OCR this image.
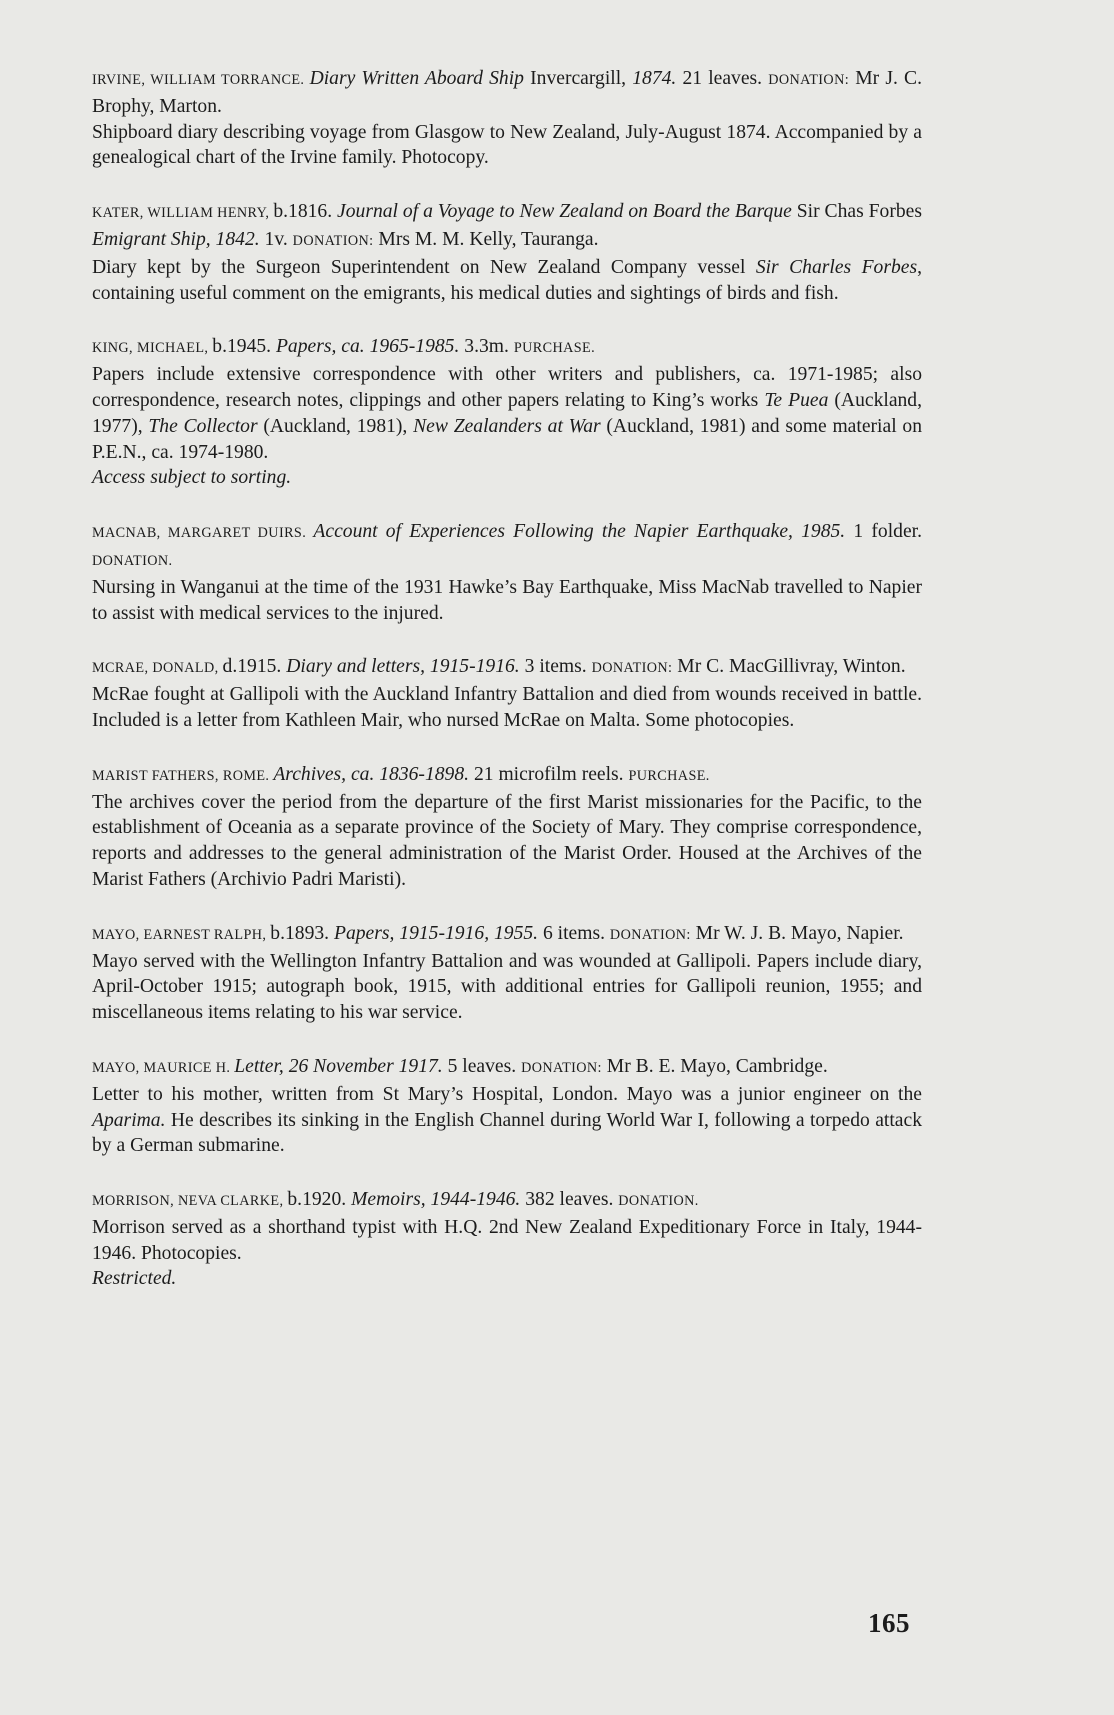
IRVINE, WILLIAM TORRANCE. Diary Written Aboard Ship Invercargill, 1874. 21 leaves. DONATION: Mr J. C. Brophy, Marton.

Shipboard diary describing voyage from Glasgow to New Zealand, July-August 1874. Accompanied by a genealogical chart of the Irvine family. Photocopy.

KATER, WILLIAM HENRY, b.1816. Journal of a Voyage to New Zealand on Board the Barque Sir Chas Forbes Emigrant Ship, 1842. 1v. DONATION: Mrs M. M. Kelly, Tauranga.

Diary kept by the Surgeon Superintendent on New Zealand Company vessel Sir Charles Forbes, containing useful comment on the emigrants, his medical duties and sightings of birds and fish.

KING, MICHAEL, b.1945. Papers, ca. 1965-1985. 3.3m. PURCHASE.

Papers include extensive correspondence with other writers and publishers, ca. 1971-1985; also correspondence, research notes, clippings and other papers relating to King’s works Te Puea (Auckland, 1977), The Collector (Auckland, 1981), New Zealanders at War (Auckland, 1981) and some material on P.E.N., ca. 1974-1980.

Access subject to sorting.

MACNAB, MARGARET DUIRS. Account of Experiences Following the Napier Earthquake, 1985. 1 folder. DONATION.

Nursing in Wanganui at the time of the 1931 Hawke’s Bay Earthquake, Miss MacNab travelled to Napier to assist with medical services to the injured.

MCRAE, DONALD, d.1915. Diary and letters, 1915-1916. 3 items. DONATION: Mr C. MacGillivray, Winton.

McRae fought at Gallipoli with the Auckland Infantry Battalion and died from wounds received in battle. Included is a letter from Kathleen Mair, who nursed McRae on Malta. Some photocopies.

MARIST FATHERS, ROME. Archives, ca. 1836-1898. 21 microfilm reels. PURCHASE.

The archives cover the period from the departure of the first Marist missionaries for the Pacific, to the establishment of Oceania as a separate province of the Society of Mary. They comprise correspondence, reports and addresses to the general administration of the Marist Order. Housed at the Archives of the Marist Fathers (Archivio Padri Maristi).

MAYO, EARNEST RALPH, b.1893. Papers, 1915-1916, 1955. 6 items. DONATION: Mr W. J. B. Mayo, Napier.

Mayo served with the Wellington Infantry Battalion and was wounded at Gallipoli. Papers include diary, April-October 1915; autograph book, 1915, with additional entries for Gallipoli reunion, 1955; and miscellaneous items relating to his war service.

MAYO, MAURICE H. Letter, 26 November 1917. 5 leaves. DONATION: Mr B. E. Mayo, Cambridge.

Letter to his mother, written from St Mary’s Hospital, London. Mayo was a junior engineer on the Aparima. He describes its sinking in the English Channel during World War I, following a torpedo attack by a German submarine.

MORRISON, NEVA CLARKE, b.1920. Memoirs, 1944-1946. 382 leaves. DONATION.

Morrison served as a shorthand typist with H.Q. 2nd New Zealand Expeditionary Force in Italy, 1944-1946. Photocopies.

Restricted.

165
